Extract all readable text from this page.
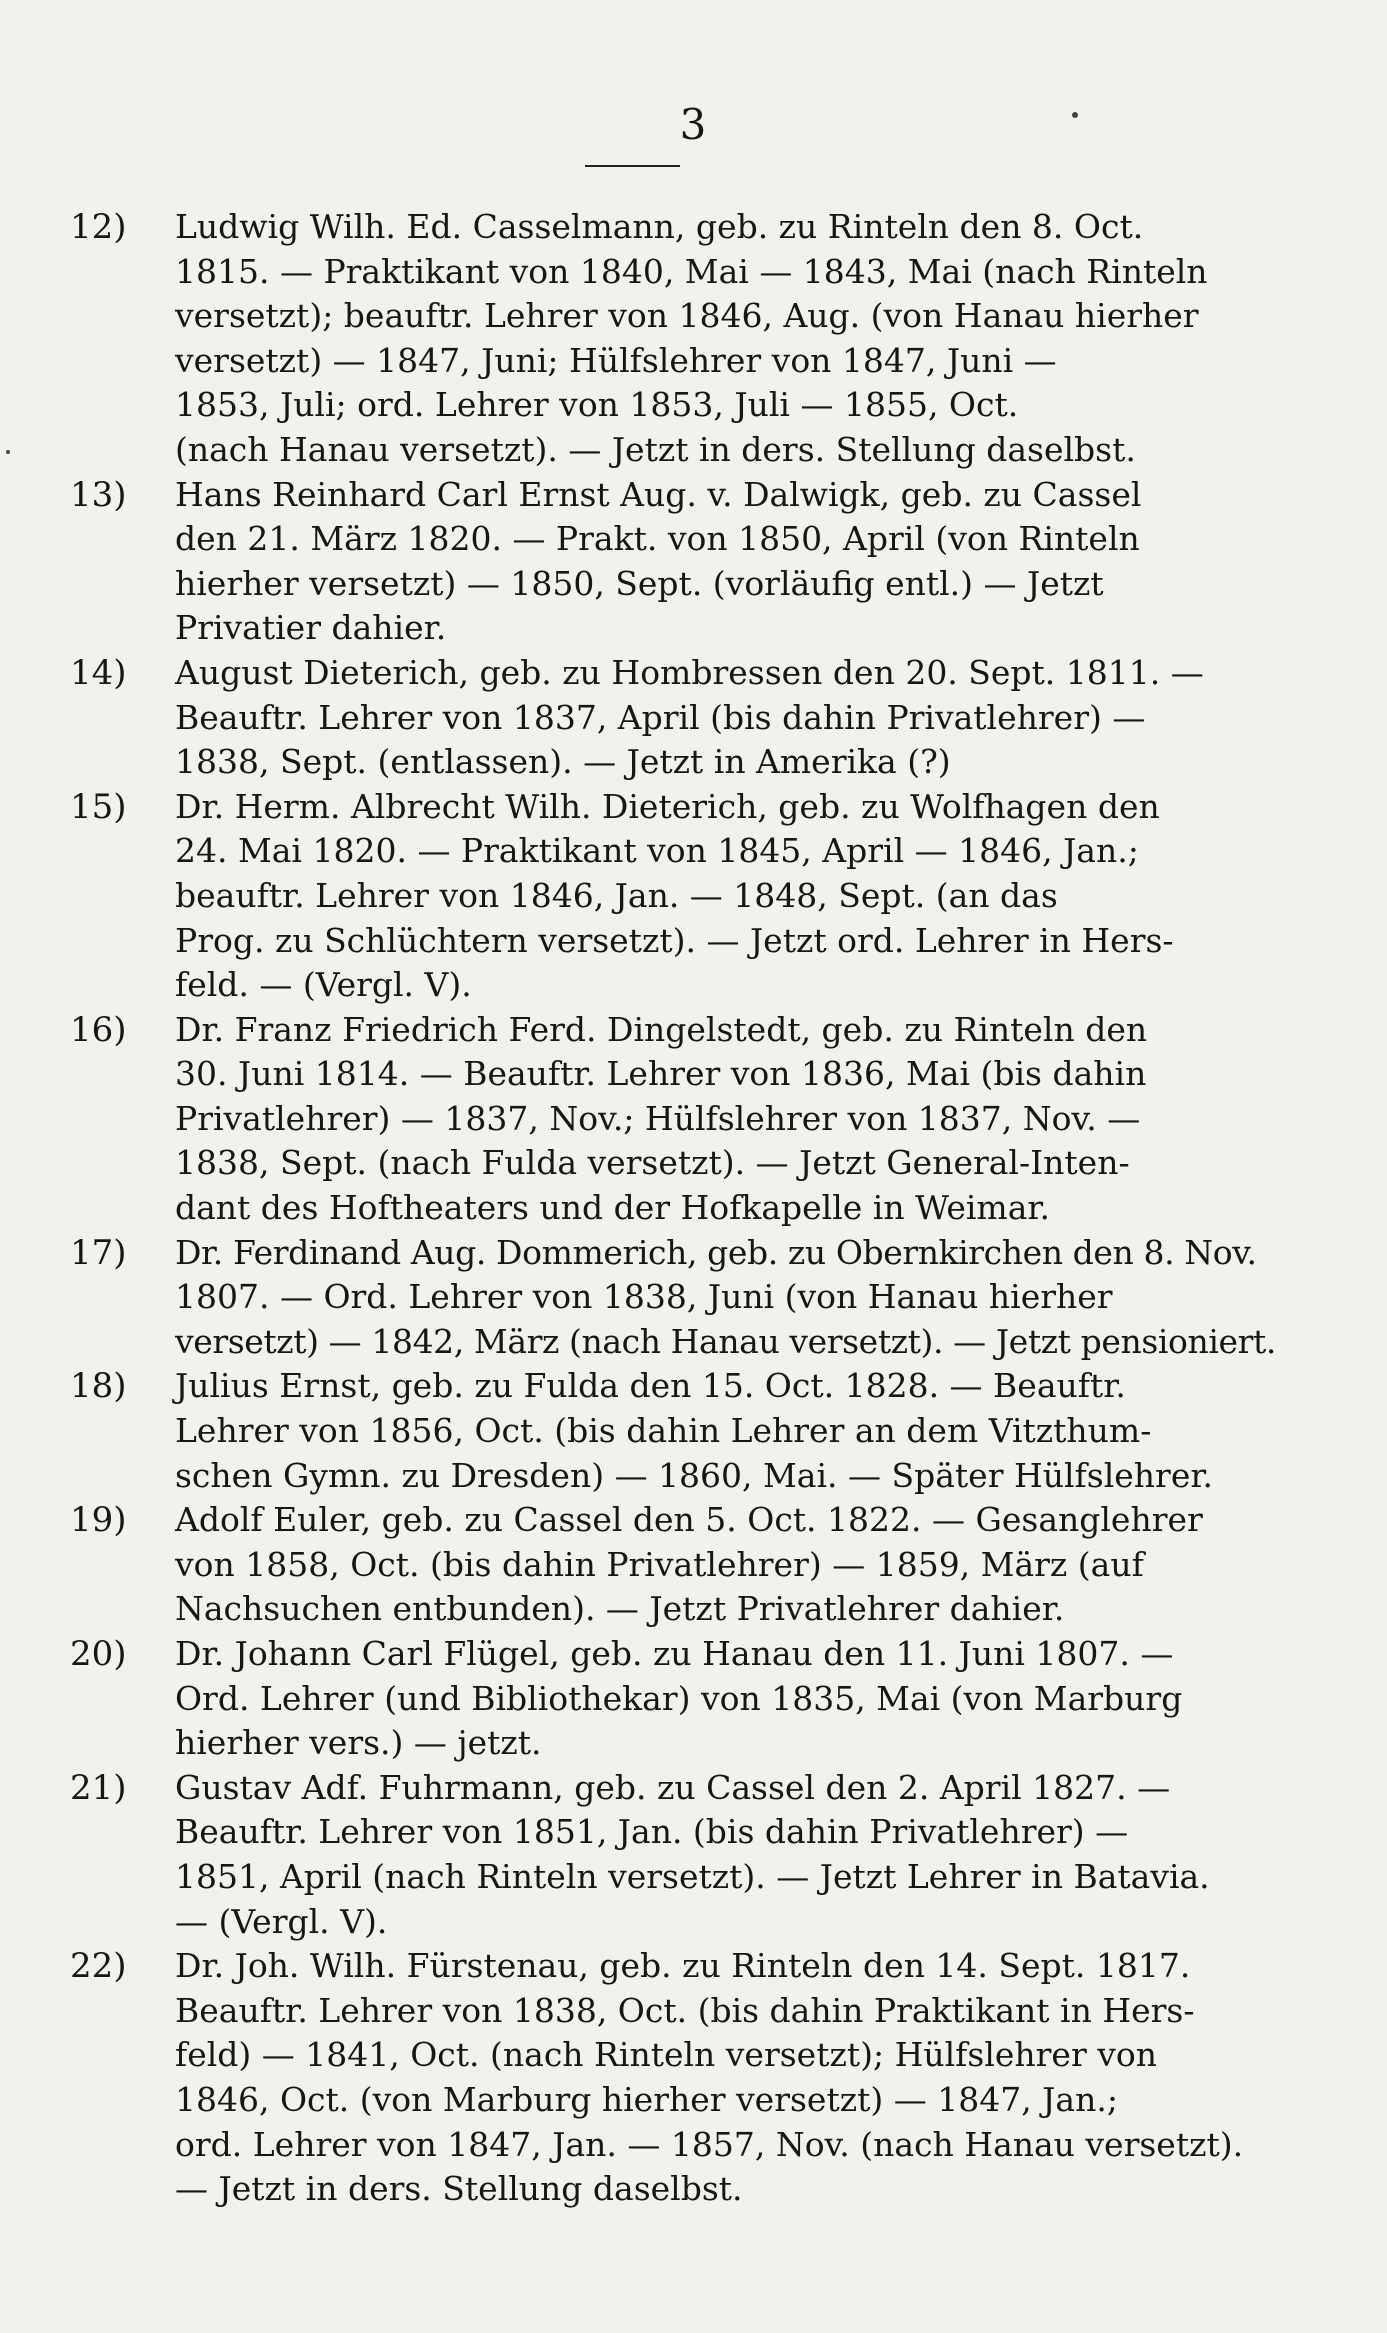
3
12)	Ludwig Wilh. Ed. Casselmann, geb. zu Rinteln den 8. Oct.
1815. — Praktikant von 1840, Mai — 1843, Mai (nach Rinteln
versetzt); beauftr. Lehrer von 1846, Aug. (von Hanau hierher
versetzt) — 1847, Juni; Hülfslehrer von 1847, Juni —
1853, Juli; ord. Lehrer von 1853, Juli — 1855, Oct.
(nach Hanau versetzt). — Jetzt in ders. Stellung daselbst.
13)	Hans Reinhard Carl Ernst Aug. v. Dalwigk, geb. zu Cassel
den 21. März 1820. — Prakt. von 1850, April (von Rinteln
hierher versetzt) — 1850, Sept. (vorläufig entl.) — Jetzt
Privatier dahier.
14)	August Dieterich, geb. zu Hombressen den 20. Sept. 1811. —
Beauftr. Lehrer von 1837, April (bis dahin Privatlehrer) —
1838, Sept. (entlassen). — Jetzt in Amerika (?)
15)	Dr. Herm. Albrecht Wilh. Dieterich, geb. zu Wolfhagen den
24. Mai 1820. — Praktikant von 1845, April — 1846, Jan.;
beauftr. Lehrer von 1846, Jan. — 1848, Sept. (an das
Prog. zu Schlüchtern versetzt). — Jetzt ord. Lehrer in Hers-
feld. — (Vergl. V).
16)	Dr. Franz Friedrich Ferd. Dingelstedt, geb. zu Rinteln den
30. Juni 1814. — Beauftr. Lehrer von 1836, Mai (bis dahin
Privatlehrer) — 1837, Nov.; Hülfslehrer von 1837, Nov. —
1838, Sept. (nach Fulda versetzt). — Jetzt General-Inten-
dant des Hoftheaters und der Hofkapelle in Weimar.
17)	Dr. Ferdinand Aug. Dommerich, geb. zu Obernkirchen den 8. Nov.
1807. — Ord. Lehrer von 1838, Juni (von Hanau hierher
versetzt) — 1842, März (nach Hanau versetzt). — Jetzt pensioniert.
18)	Julius Ernst, geb. zu Fulda den 15. Oct. 1828. — Beauftr.
Lehrer von 1856, Oct. (bis dahin Lehrer an dem Vitzthum-
schen Gymn. zu Dresden) — 1860, Mai. — Später Hülfslehrer.
19)	Adolf Euler, geb. zu Cassel den 5. Oct. 1822. — Gesanglehrer
von 1858, Oct. (bis dahin Privatlehrer) — 1859, März (auf
Nachsuchen entbunden). — Jetzt Privatlehrer dahier.
20)	Dr. Johann Carl Flügel, geb. zu Hanau den 11. Juni 1807. —
Ord. Lehrer (und Bibliothekar) von 1835, Mai (von Marburg
hierher vers.) — jetzt.
21)	Gustav Adf. Fuhrmann, geb. zu Cassel den 2. April 1827. —
Beauftr. Lehrer von 1851, Jan. (bis dahin Privatlehrer) —
1851, April (nach Rinteln versetzt). — Jetzt Lehrer in Batavia.
— (Vergl. V).
22)	Dr. Joh. Wilh. Fürstenau, geb. zu Rinteln den 14. Sept. 1817.
Beauftr. Lehrer von 1838, Oct. (bis dahin Praktikant in Hers-
feld) — 1841, Oct. (nach Rinteln versetzt); Hülfslehrer von
1846, Oct. (von Marburg hierher versetzt) — 1847, Jan.;
ord. Lehrer von 1847, Jan. — 1857, Nov. (nach Hanau versetzt).
— Jetzt in ders. Stellung daselbst.
